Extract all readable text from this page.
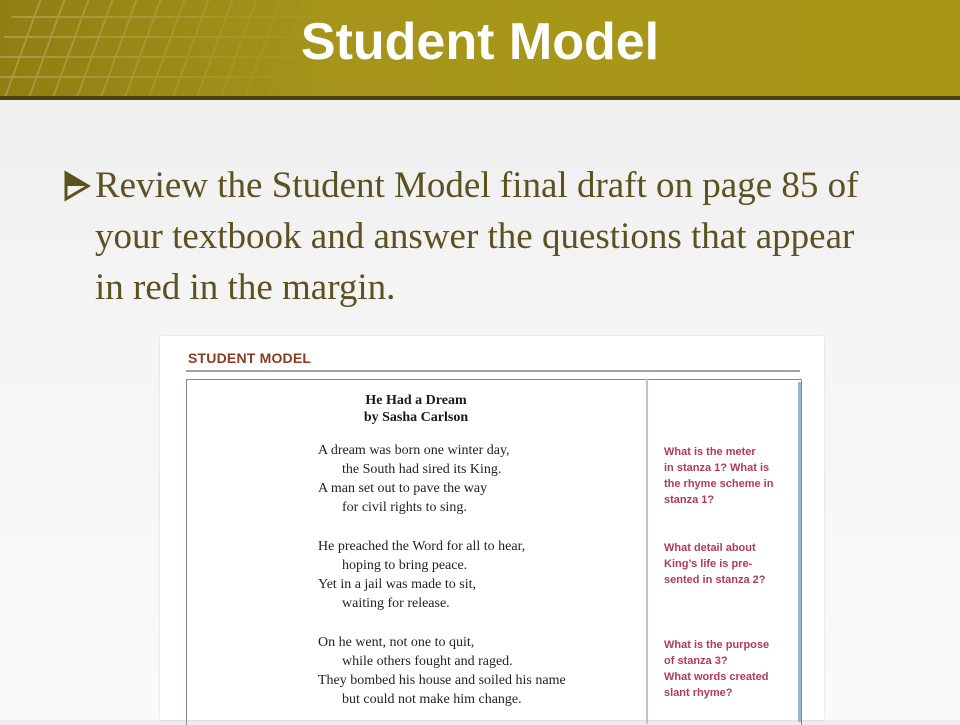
Student Model
Review the Student Model final draft on page 85 of your textbook and answer the questions that appear in red in the margin.
STUDENT MODEL
He Had a Dream
by Sasha Carlson
A dream was born one winter day,
the South had sired its King.
A man set out to pave the way
for civil rights to sing.
He preached the Word for all to hear,
hoping to bring peace.
Yet in a jail was made to sit,
waiting for release.
On he went, not one to quit,
while others fought and raged.
They bombed his house and soiled his name
but could not make him change.
What is the meter
in stanza 1? What is
the rhyme scheme in
stanza 1?
What detail about
King’s life is pre-
sented in stanza 2?
What is the purpose
of stanza 3?
What words created
slant rhyme?
